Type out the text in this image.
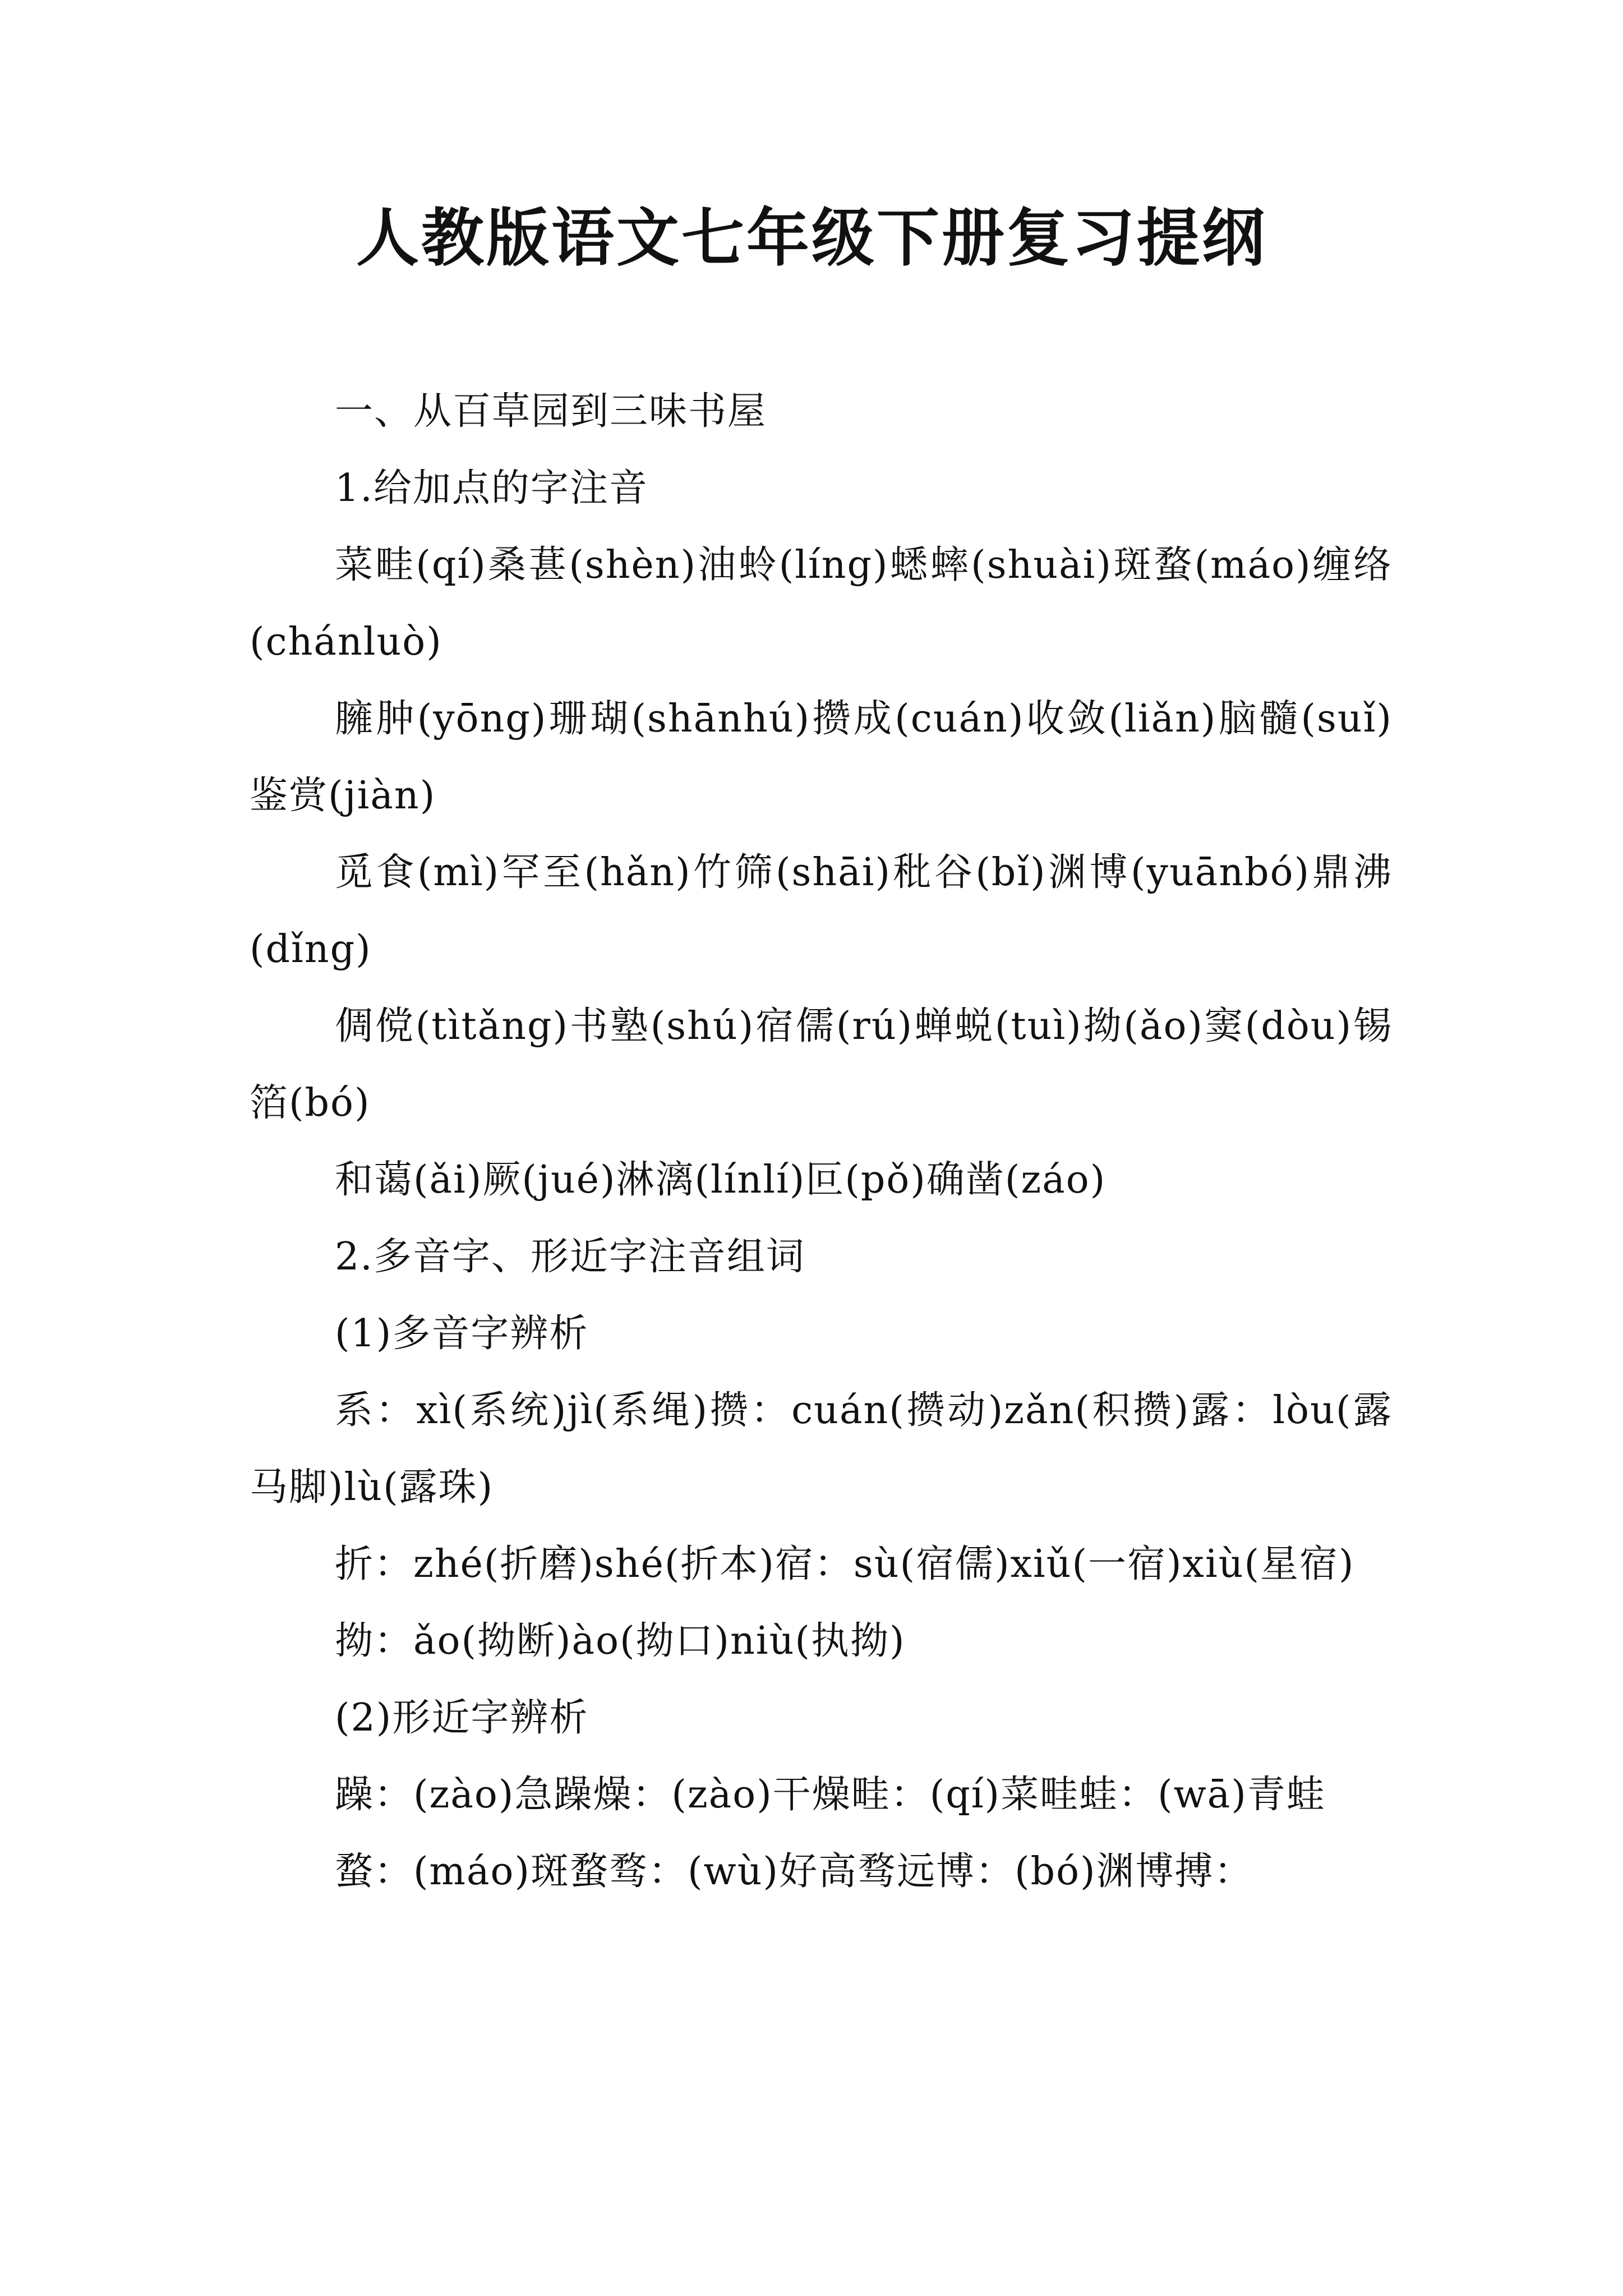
人教版语文七年级下册复习提纲

一、从百草园到三味书屋

1.给加点的字注音

菜畦(qí)桑葚(shèn)油蛉(líng)蟋蟀(shuài)斑蝥(máo)缠络(chánluò)

臃肿(yōng)珊瑚(shānhú)攒成(cuán)收敛(liǎn)脑髓(suǐ)鉴赏(jiàn)

觅食(mì)罕至(hǎn)竹筛(shāi)秕谷(bǐ)渊博(yuānbó)鼎沸(dǐng)

倜傥(tìtǎng)书塾(shú)宿儒(rú)蝉蜕(tuì)拗(ǎo)窦(dòu)锡箔(bó)

和蔼(ǎi)厥(jué)淋漓(línlí)叵(pǒ)确凿(záo)

2.多音字、形近字注音组词

(1)多音字辨析

系：xì(系统)jì(系绳)攒：cuán(攒动)zǎn(积攒)露：lòu(露马脚)lù(露珠)

折：zhé(折磨)shé(折本)宿：sù(宿儒)xiǔ(一宿)xiù(星宿)

拗：ǎo(拗断)ào(拗口)niù(执拗)

(2)形近字辨析

躁：(zào)急躁燥：(zào)干燥畦：(qí)菜畦蛙：(wā)青蛙

蝥：(máo)斑蝥骛：(wù)好高骛远博：(bó)渊博搏：
